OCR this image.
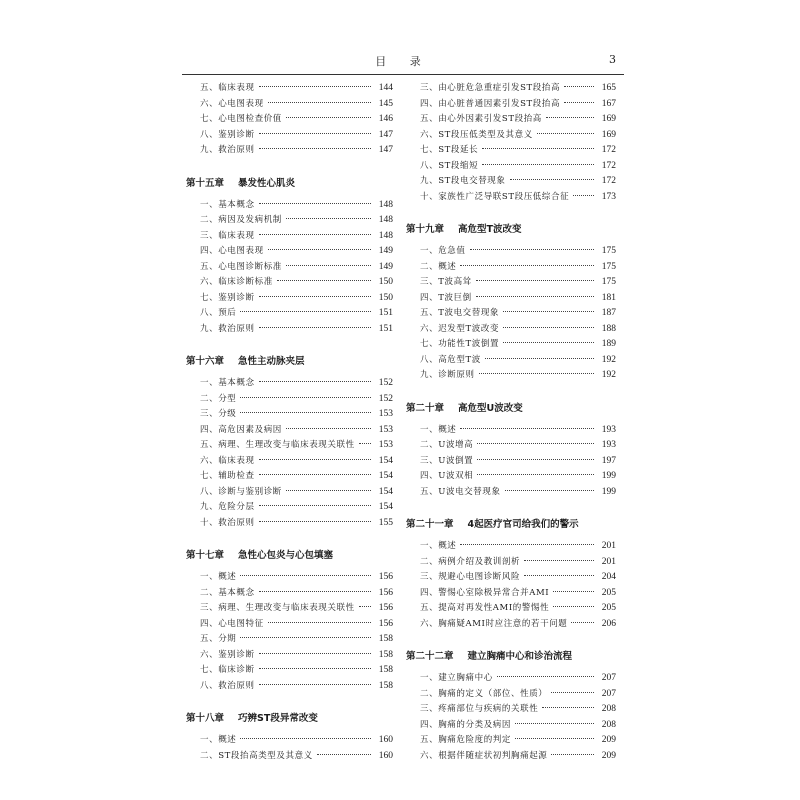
目 录	3
五、临床表现	144
六、心电图表现	145
七、心电图检查价值	146
八、鉴别诊断	147
九、救治原则	147
第十五章 暴发性心肌炎
一、基本概念	148
二、病因及发病机制	148
三、临床表现	148
四、心电图表现	149
五、心电图诊断标准	149
六、临床诊断标准	150
七、鉴别诊断	150
八、预后	151
九、救治原则	151
第十六章 急性主动脉夹层
一、基本概念	152
二、分型	152
三、分级	153
四、高危因素及病因	153
五、病理、生理改变与临床表现关联性	153
六、临床表现	154
七、辅助检查	154
八、诊断与鉴别诊断	154
九、危险分层	154
十、救治原则	155
第十七章 急性心包炎与心包填塞
一、概述	156
二、基本概念	156
三、病理、生理改变与临床表现关联性	156
四、心电图特征	156
五、分期	158
六、鉴别诊断	158
七、临床诊断	158
八、救治原则	158
第十八章 巧辨ST段异常改变
一、概述	160
二、ST段抬高类型及其意义	160
三、由心脏危急重症引发ST段抬高	165
四、由心脏普通因素引发ST段抬高	167
五、由心外因素引发ST段抬高	169
六、ST段压低类型及其意义	169
七、ST段延长	172
八、ST段缩短	172
九、ST段电交替现象	172
十、家族性广泛导联ST段压低综合征	173
第十九章 高危型T波改变
一、危急值	175
二、概述	175
三、T波高耸	175
四、T波巨倒	181
五、T波电交替现象	187
六、迟发型T波改变	188
七、功能性T波倒置	189
八、高危型T波	192
九、诊断原则	192
第二十章 高危型U波改变
一、概述	193
二、U波增高	193
三、U波倒置	197
四、U波双相	199
五、U波电交替现象	199
第二十一章 4起医疗官司给我们的警示
一、概述	201
二、病例介绍及教训剖析	201
三、规避心电图诊断风险	204
四、警惕心室除极异常合并AMI	205
五、提高对再发性AMI的警惕性	205
六、胸痛疑AMI时应注意的若干问题	206
第二十二章 建立胸痛中心和诊治流程
一、建立胸痛中心	207
二、胸痛的定义（部位、性质）	207
三、疼痛部位与疾病的关联性	208
四、胸痛的分类及病因	208
五、胸痛危险度的判定	209
六、根据伴随症状初判胸痛起源	209
